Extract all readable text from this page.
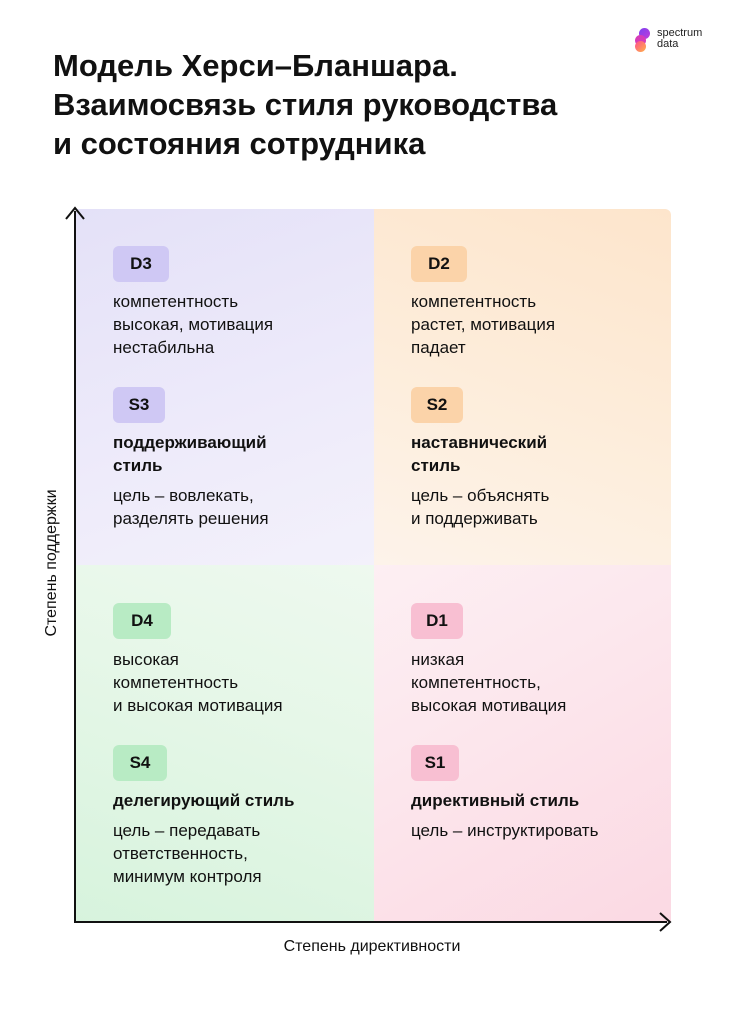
Модель Херси–Бланшара.
Взаимосвязь стиля руководства
и состояния сотрудника
spectrum
data
Степень поддержки
Степень директивности
D3
компетентность
высокая, мотивация
нестабильна
S3
поддерживающий
стиль
цель – вовлекать,
разделять решения
D2
компетентность
растет, мотивация
падает
S2
наставнический
стиль
цель – объяснять
и поддерживать
D4
высокая
компетентность
и высокая мотивация
S4
делегирующий стиль
цель – передавать
ответственность,
минимум контроля
D1
низкая
компетентность,
высокая мотивация
S1
директивный стиль
цель – инструктировать
